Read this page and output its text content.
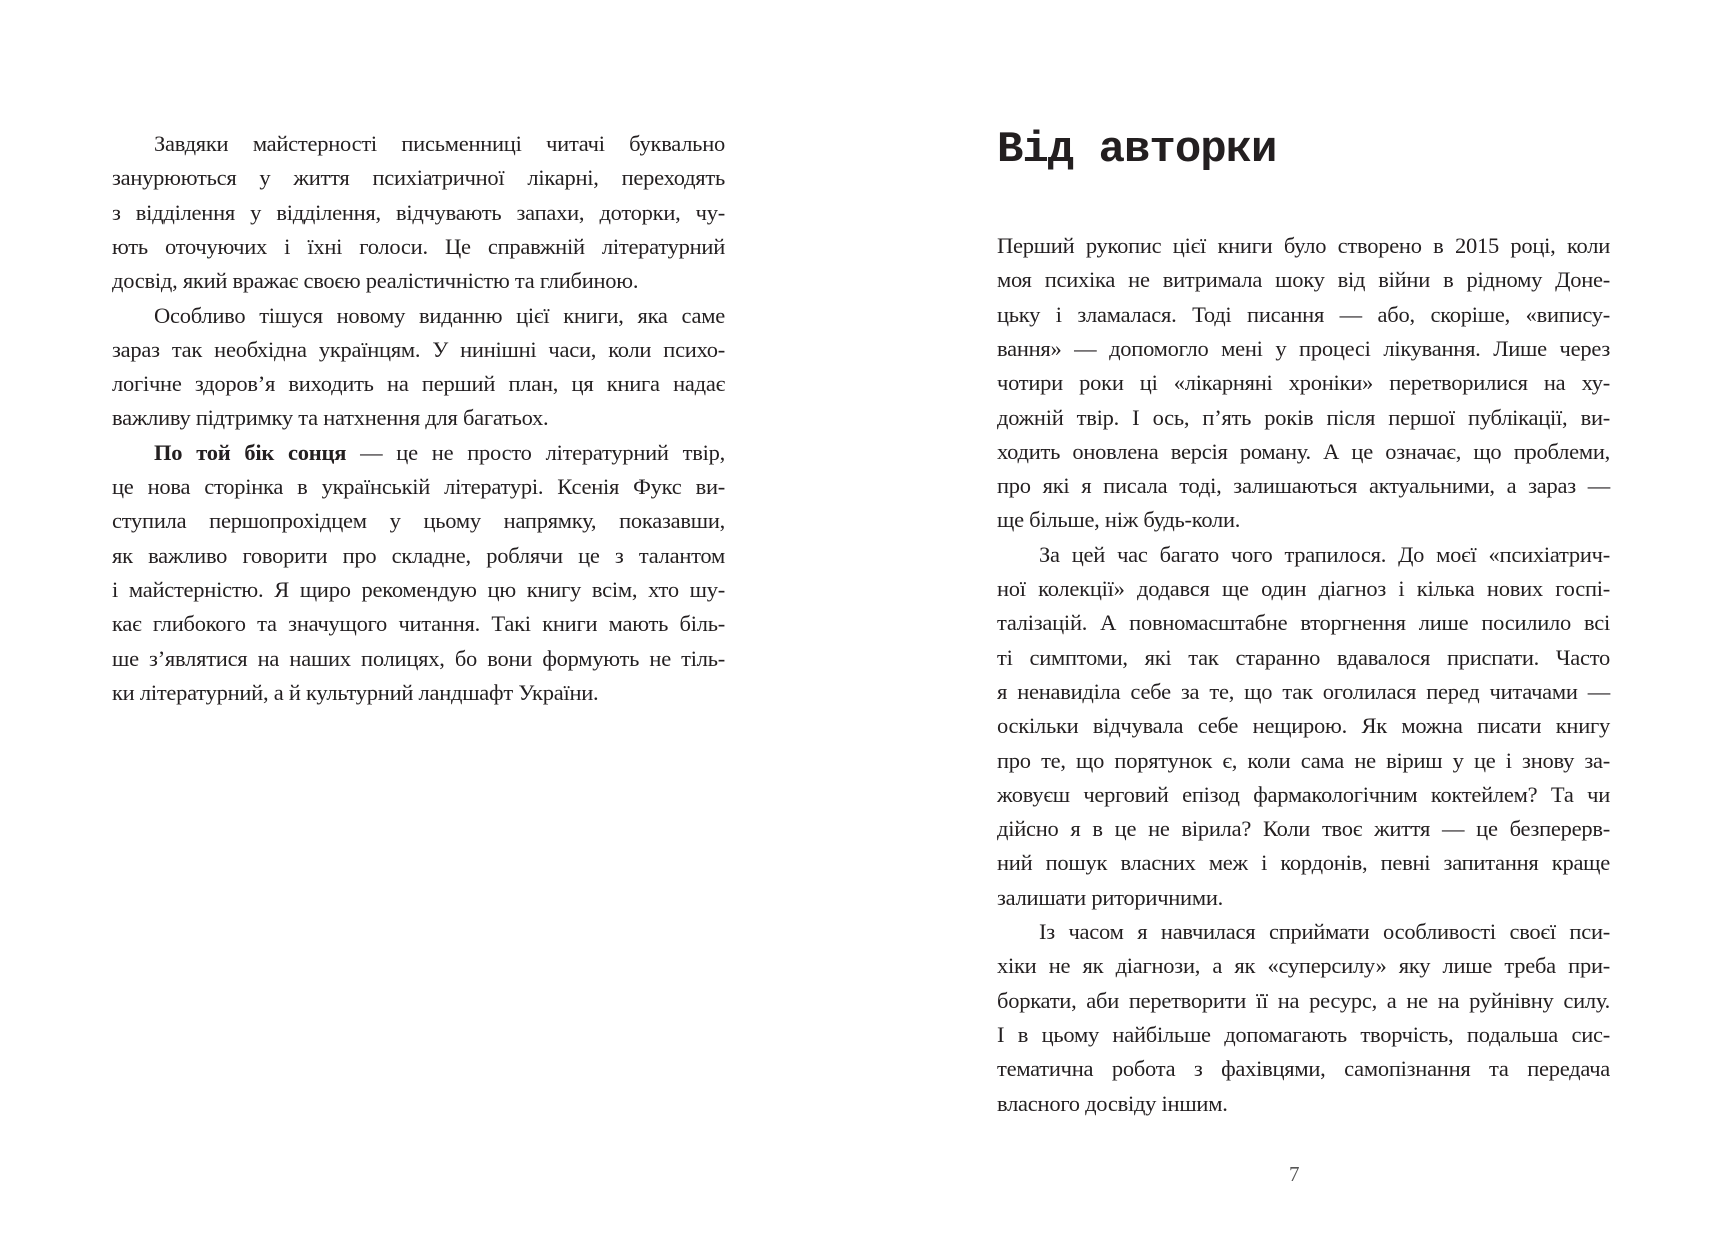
Завдяки майстерності письменниці читачі буквально
занурюються у життя психіатричної лікарні, переходять
з відділення у відділення, відчувають запахи, доторки, чу-
ють оточуючих і їхні голоси. Це справжній літературний
досвід, який вражає своєю реалістичністю та глибиною.
Особливо тішуся новому виданню цієї книги, яка саме
зараз так необхідна українцям. У нинішні часи, коли психо-
логічне здоров’я виходить на перший план, ця книга надає
важливу підтримку та натхнення для багатьох.
По той бік сонця — це не просто літературний твір,
це нова сторінка в українській літературі. Ксенія Фукс ви-
ступила першопрохідцем у цьому напрямку, показавши,
як важливо говорити про складне, роблячи це з талантом
і майстерністю. Я щиро рекомендую цю книгу всім, хто шу-
кає глибокого та значущого читання. Такі книги мають біль-
ше з’являтися на наших полицях, бо вони формують не тіль-
ки літературний, а й культурний ландшафт України.
Від авторки
Перший рукопис цієї книги було створено в 2015 році, коли
моя психіка не витримала шоку від війни в рідному Доне-
цьку і зламалася. Тоді писання — або, скоріше, «випису-
вання» — допомогло мені у процесі лікування. Лише через
чотири роки ці «лікарняні хроніки» перетворилися на ху-
дожній твір. І ось, п’ять років після першої публікації, ви-
ходить оновлена версія роману. А це означає, що проблеми,
про які я писала тоді, залишаються актуальними, а зараз —
ще більше, ніж будь-коли.
За цей час багато чого трапилося. До моєї «психіатрич-
ної колекції» додався ще один діагноз і кілька нових госпі-
талізацій. А повномасштабне вторгнення лише посилило всі
ті симптоми, які так старанно вдавалося приспати. Часто
я ненавиділа себе за те, що так оголилася перед читачами —
оскільки відчувала себе нещирою. Як можна писати книгу
про те, що порятунок є, коли сама не віриш у це і знову за-
жовуєш черговий епізод фармакологічним коктейлем? Та чи
дійсно я в це не вірила? Коли твоє життя — це безперерв-
ний пошук власних меж і кордонів, певні запитання краще
залишати риторичними.
Із часом я навчилася сприймати особливості своєї пси-
хіки не як діагнози, а як «суперсилу» яку лише треба при-
боркати, аби перетворити її на ресурс, а не на руйнівну силу.
І в цьому найбільше допомагають творчість, подальша сис-
тематична робота з фахівцями, самопізнання та передача
власного досвіду іншим.
7
